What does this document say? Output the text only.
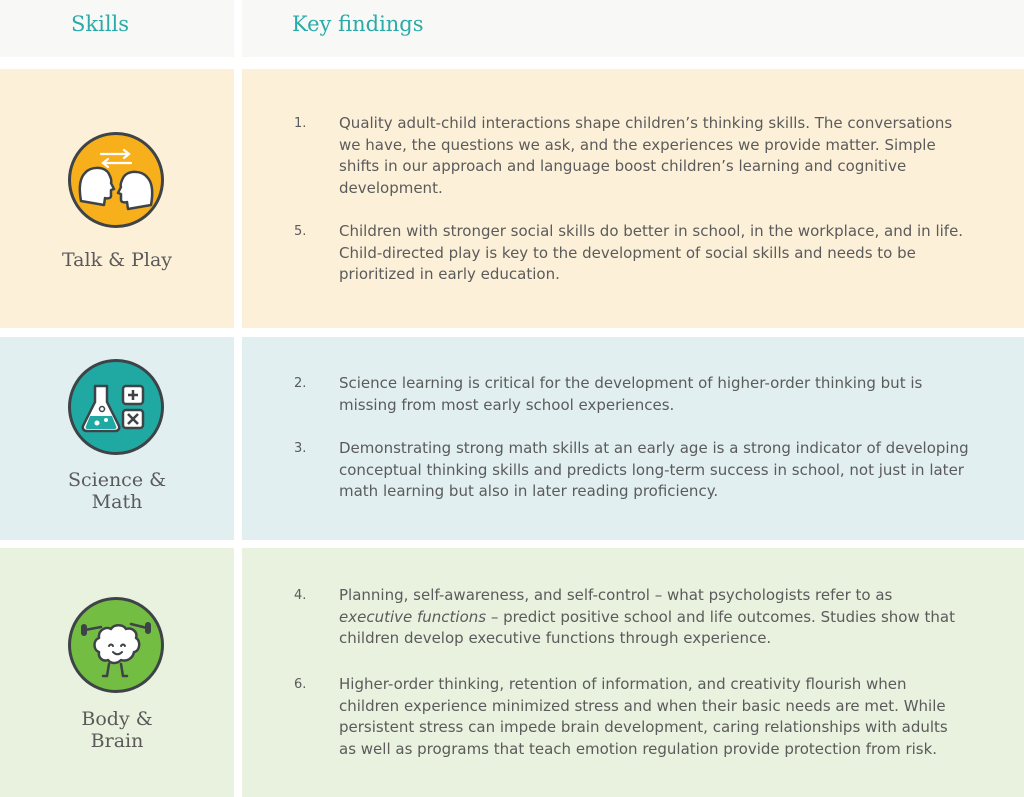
Skills	Key findings
Talk & Play
1. Quality adult-child interactions shape children’s thinking skills. The conversations we have, the questions we ask, and the experiences we provide matter. Simple shifts in our approach and language boost children’s learning and cognitive development.
5. Children with stronger social skills do better in school, in the workplace, and in life. Child-directed play is key to the development of social skills and needs to be prioritized in early education.
Science &
Math
2. Science learning is critical for the development of higher-order thinking but is missing from most early school experiences.
3. Demonstrating strong math skills at an early age is a strong indicator of developing conceptual thinking skills and predicts long-term success in school, not just in later math learning but also in later reading proficiency.
Body &
Brain
4. Planning, self-awareness, and self-control – what psychologists refer to as
executive functions – predict positive school and life outcomes. Studies show that children develop executive functions through experience.
6. Higher-order thinking, retention of information, and creativity flourish when children experience minimized stress and when their basic needs are met. While persistent stress can impede brain development, caring relationships with adults as well as programs that teach emotion regulation provide protection from risk.
